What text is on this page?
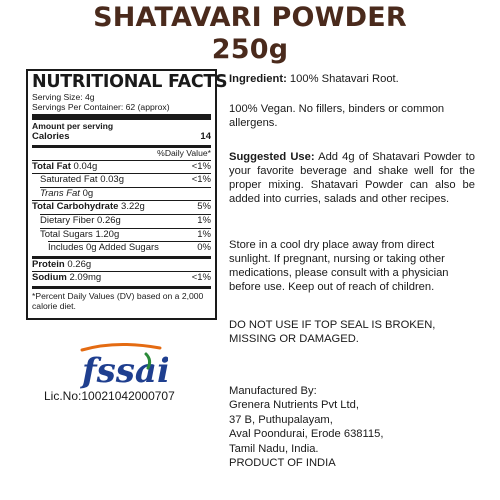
SHATAVARI POWDER
250g
NUTRITIONAL FACTS
Serving Size: 4g
Servings Per Container: 62 (approx)
Amount per serving
Calories	14
%Daily Value*
Total Fat 0.04g	<1%
Saturated Fat 0.03g	<1%
Trans Fat 0g
Total Carbohydrate 3.22g	5%
Dietary Fiber 0.26g	1%
Total Sugars 1.20g	1%
Includes 0g Added Sugars	0%
Protein 0.26g
Sodium 2.09mg	<1%
*Percent Daily Values (DV) based on a 2,000 calorie diet.
Ingredient: 100% Shatavari Root.
100% Vegan. No fillers, binders or common allergens.
Suggested Use: Add 4g of Shatavari Powder to your favorite beverage and shake well for the proper mixing. Shatavari Powder can also be added into curries, salads and other recipes.
Store in a cool dry place away from direct sunlight. If pregnant, nursing or taking other medications, please consult with a physician before use. Keep out of reach of children.
DO NOT USE IF TOP SEAL IS BROKEN, MISSING OR DAMAGED.
fssai
Lic.No:10021042000707	Manufactured By:
Grenera Nutrients Pvt Ltd,
37 B, Puthupalayam,
Aval Poondurai, Erode 638115,
Tamil Nadu, India.
PRODUCT OF INDIA
